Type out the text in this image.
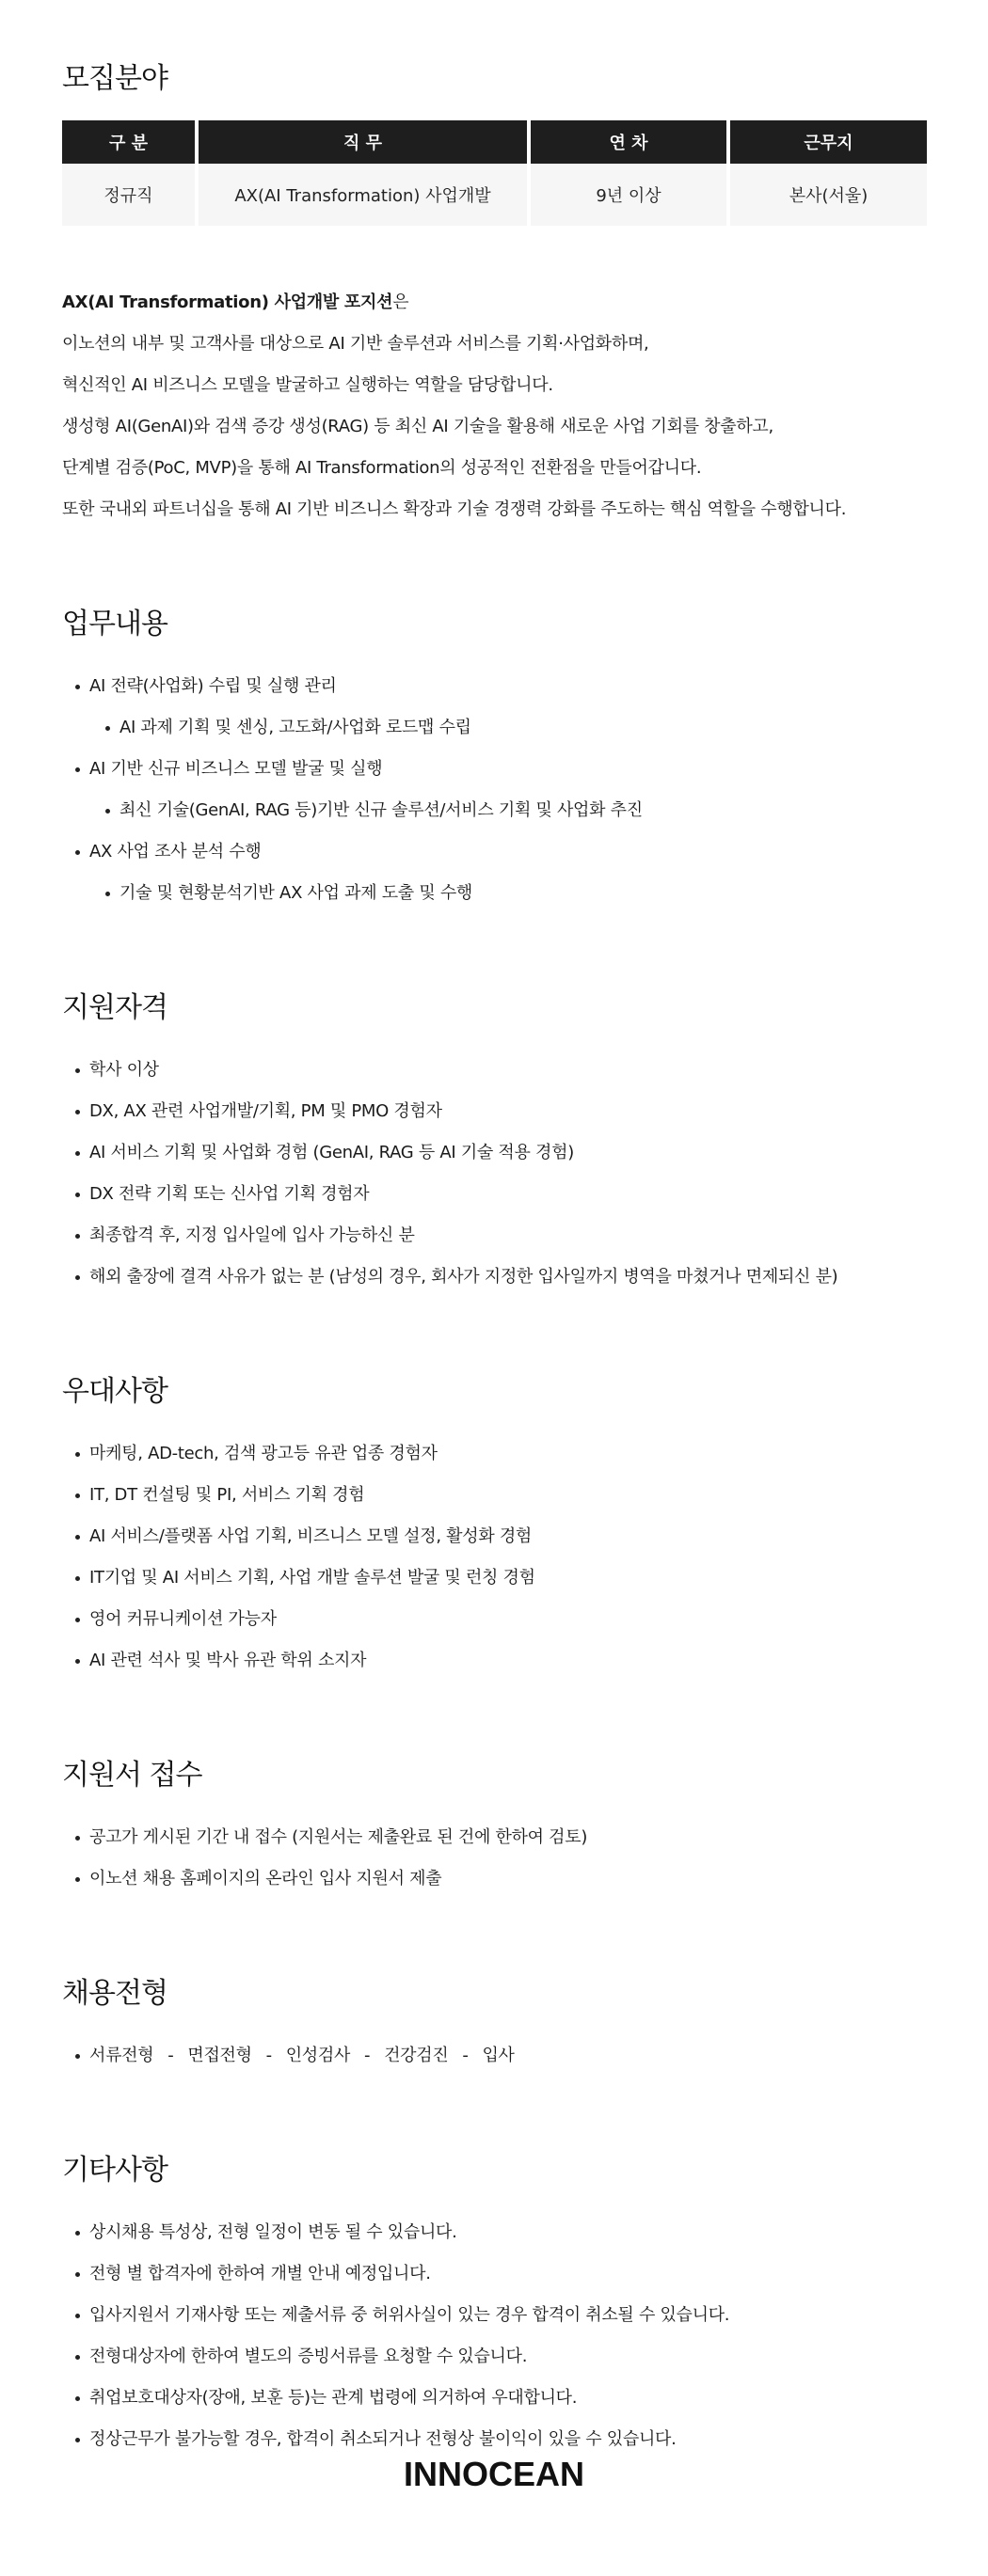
모집분야
구 분	직 무	연 차	근무지
정규직	AX(AI Transformation) 사업개발	9년 이상	본사(서울)

AX(AI Transformation) 사업개발 포지션은

이노션의 내부 및 고객사를 대상으로 AI 기반 솔루션과 서비스를 기획·사업화하며,

혁신적인 AI 비즈니스 모델을 발굴하고 실행하는 역할을 담당합니다.

생성형 AI(GenAI)와 검색 증강 생성(RAG) 등 최신 AI 기술을 활용해 새로운 사업 기회를 창출하고,

단계별 검증(PoC, MVP)을 통해 AI Transformation의 성공적인 전환점을 만들어갑니다.

또한 국내외 파트너십을 통해 AI 기반 비즈니스 확장과 기술 경쟁력 강화를 주도하는 핵심 역할을 수행합니다.

업무내용
AI 전략(사업화) 수립 및 실행 관리
AI 과제 기획 및 센싱, 고도화/사업화 로드맵 수립
AI 기반 신규 비즈니스 모델 발굴 및 실행
최신 기술(GenAI, RAG 등)기반 신규 솔루션/서비스 기획 및 사업화 추진
AX 사업 조사 분석 수행
기술 및 현황분석기반 AX 사업 과제 도출 및 수행
지원자격
학사 이상
DX, AX 관련 사업개발/기획, PM 및 PMO 경험자
AI 서비스 기획 및 사업화 경험 (GenAI, RAG 등 AI 기술 적용 경험)
DX 전략 기획 또는 신사업 기획 경험자
최종합격 후, 지정 입사일에 입사 가능하신 분
해외 출장에 결격 사유가 없는 분 (남성의 경우, 회사가 지정한 입사일까지 병역을 마쳤거나 면제되신 분)
우대사항
마케팅, AD-tech, 검색 광고등 유관 업종 경험자
IT, DT 컨설팅 및 PI, 서비스 기획 경험
AI 서비스/플랫폼 사업 기획, 비즈니스 모델 설정, 활성화 경험
IT기업 및 AI 서비스 기획, 사업 개발 솔루션 발굴 및 런칭 경험
영어 커뮤니케이션 가능자
AI 관련 석사 및 박사 유관 학위 소지자
지원서 접수
공고가 게시된 기간 내 접수 (지원서는 제출완료 된 건에 한하여 검토)
이노션 채용 홈페이지의 온라인 입사 지원서 제출
채용전형
서류전형 - 면접전형 - 인성검사 - 건강검진 - 입사
기타사항
상시채용 특성상, 전형 일정이 변동 될 수 있습니다.
전형 별 합격자에 한하여 개별 안내 예정입니다.
입사지원서 기재사항 또는 제출서류 중 허위사실이 있는 경우 합격이 취소될 수 있습니다.
전형대상자에 한하여 별도의 증빙서류를 요청할 수 있습니다.
취업보호대상자(장애, 보훈 등)는 관계 법령에 의거하여 우대합니다.
정상근무가 불가능할 경우, 합격이 취소되거나 전형상 불이익이 있을 수 있습니다.
INNOCEAN
